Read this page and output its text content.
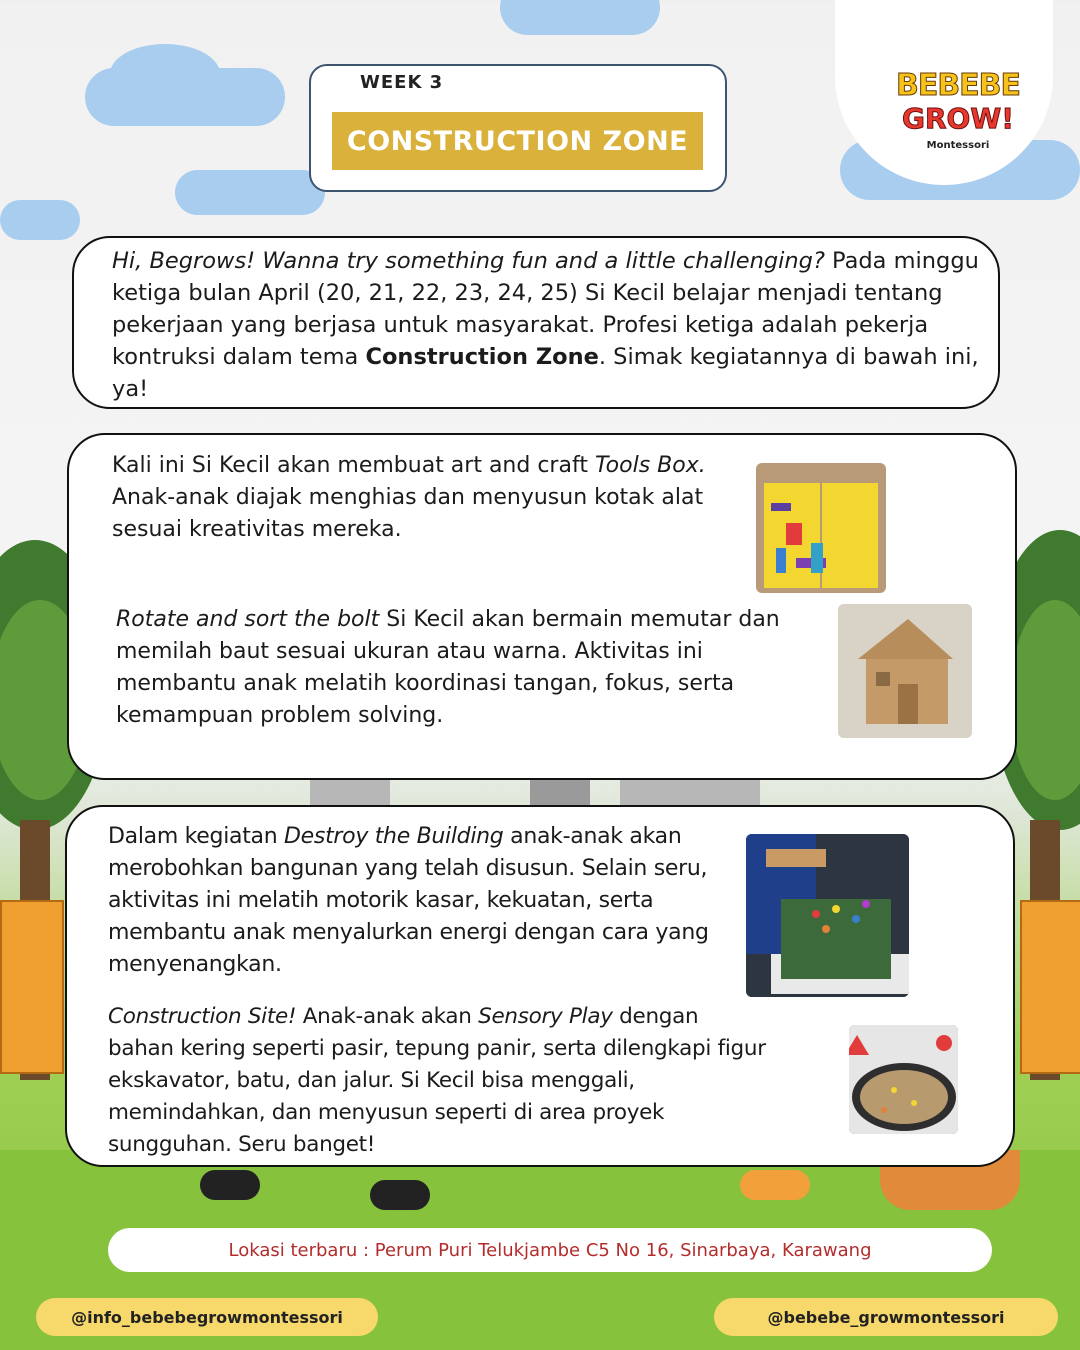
WEEK 3
CONSTRUCTION ZONE
BEBEBE
GROW!
Montessori
Hi, Begrows! Wanna try something fun and a little challenging? Pada minggu ketiga bulan April (20, 21, 22, 23, 24, 25) Si Kecil belajar menjadi tentang pekerjaan yang berjasa untuk masyarakat. Profesi ketiga adalah pekerja kontruksi dalam tema Construction Zone. Simak kegiatannya di bawah ini, ya!
Kali ini Si Kecil akan membuat art and craft Tools Box. Anak-anak diajak menghias dan menyusun kotak alat sesuai kreativitas mereka.
Rotate and sort the bolt Si Kecil akan bermain memutar dan memilah baut sesuai ukuran atau warna. Aktivitas ini membantu anak melatih koordinasi tangan, fokus, serta kemampuan problem solving.
Dalam kegiatan Destroy the Building anak-anak akan merobohkan bangunan yang telah disusun. Selain seru, aktivitas ini melatih motorik kasar, kekuatan, serta membantu anak menyalurkan energi dengan cara yang menyenangkan.
Construction Site! Anak-anak akan Sensory Play dengan bahan kering seperti pasir, tepung panir, serta dilengkapi figur ekskavator, batu, dan jalur. Si Kecil bisa menggali, memindahkan, dan menyusun seperti di area proyek sungguhan. Seru banget!
Lokasi terbaru : Perum Puri Telukjambe C5 No 16, Sinarbaya, Karawang
@info_bebebegrowmontessori	@bebebe_growmontessori
